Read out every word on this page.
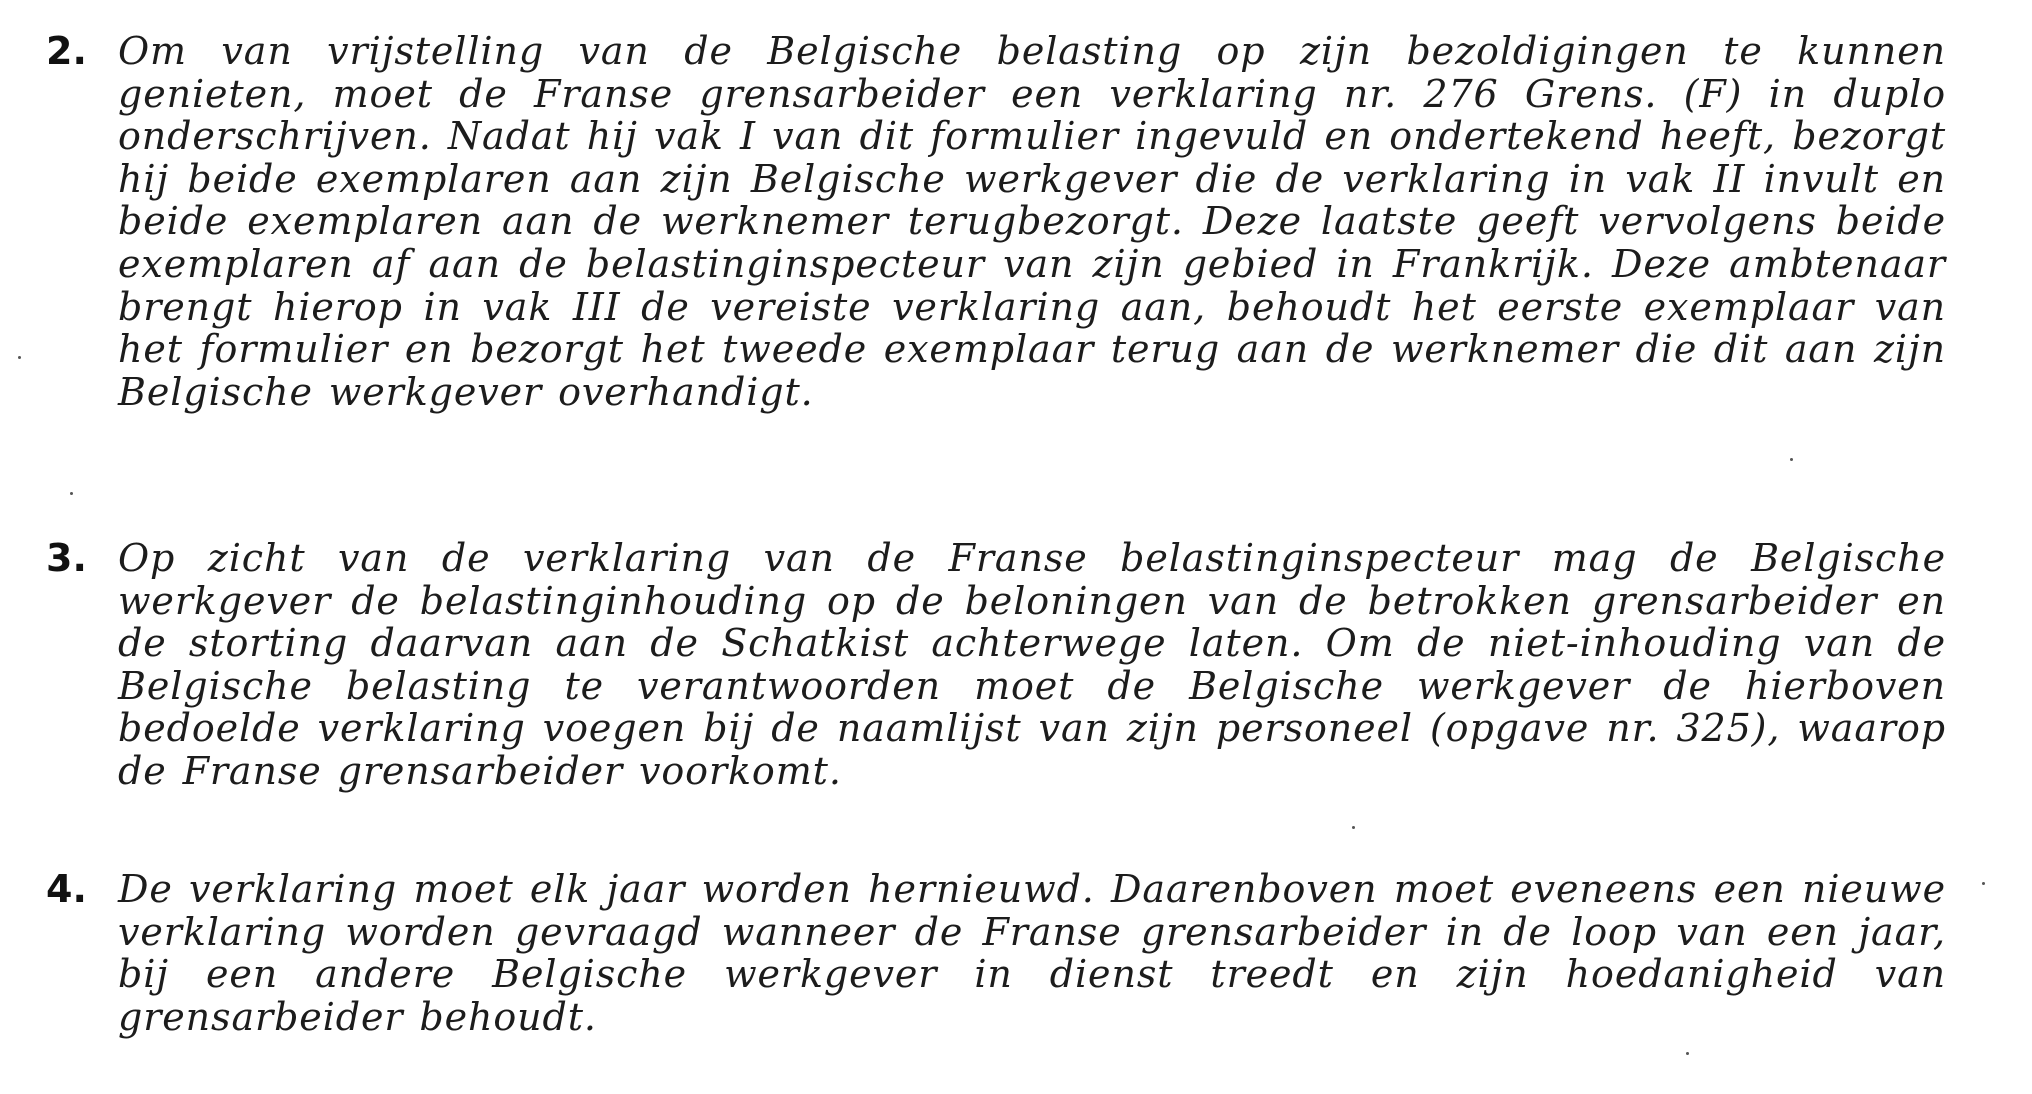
2. Om van vrijstelling van de Belgische belasting op zijn bezoldigingen te kunnen genieten, moet de Franse grensarbeider een verklaring nr. 276 Grens. (F) in duplo onderschrijven. Nadat hij vak I van dit formulier ingevuld en ondertekend heeft, bezorgt hij beide exemplaren aan zijn Belgische werkgever die de verklaring in vak II invult en beide exemplaren aan de werknemer terugbezorgt. Deze laatste geeft vervolgens beide exemplaren af aan de belastinginspecteur van zijn gebied in Frankrijk. Deze ambtenaar brengt hierop in vak III de vereiste verklaring aan, behoudt het eerste exemplaar van het formulier en bezorgt het tweede exemplaar terug aan de werknemer die dit aan zijn Belgische werkgever overhandigt.
3. Op zicht van de verklaring van de Franse belastinginspecteur mag de Belgische werkgever de belastinginhouding op de beloningen van de betrokken grensarbeider en de storting daarvan aan de Schatkist achterwege laten. Om de niet-inhouding van de Belgische belasting te verantwoorden moet de Belgische werkgever de hierboven bedoelde verklaring voegen bij de naamlijst van zijn personeel (opgave nr. 325), waarop de Franse grensarbeider voorkomt.
4. De verklaring moet elk jaar worden hernieuwd. Daarenboven moet eveneens een nieuwe verklaring worden gevraagd wanneer de Franse grensarbeider in de loop van een jaar, bij een andere Belgische werkgever in dienst treedt en zijn hoedanigheid van grensarbeider behoudt.
